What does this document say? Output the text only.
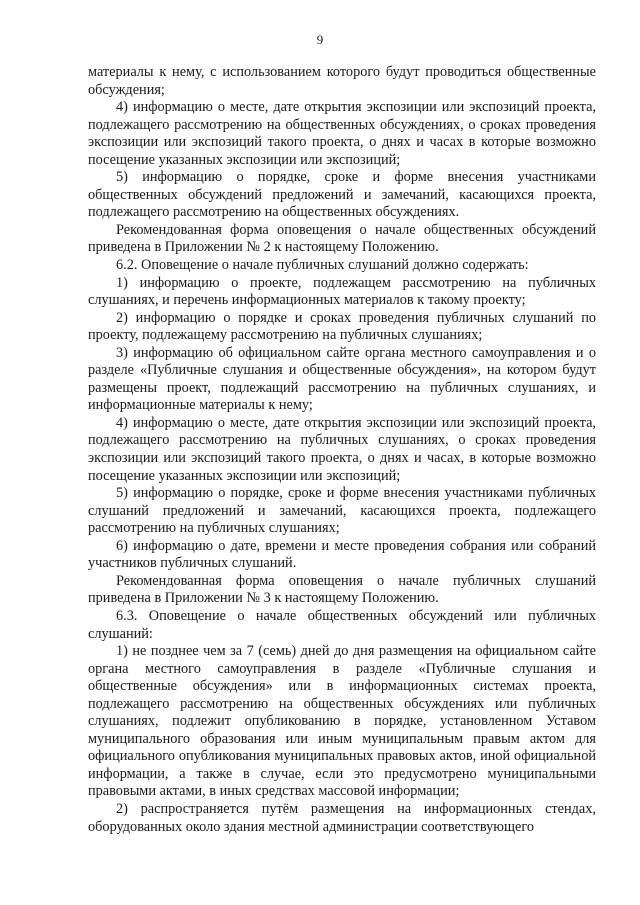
9

материалы к нему, с использованием которого будут проводиться общественные обсуждения;

4) информацию о месте, дате открытия экспозиции или экспозиций проекта, подлежащего рассмотрению на общественных обсуждениях, о сроках проведения экспозиции или экспозиций такого проекта, о днях и часах в которые возможно посещение указанных экспозиции или экспозиций;

5) информацию о порядке, сроке и форме внесения участниками общественных обсуждений предложений и замечаний, касающихся проекта, подлежащего рассмотрению на общественных обсуждениях.

Рекомендованная форма оповещения о начале общественных обсуждений приведена в Приложении № 2 к настоящему Положению.

6.2. Оповещение о начале публичных слушаний должно содержать:

1) информацию о проекте, подлежащем рассмотрению на публичных слушаниях, и перечень информационных материалов к такому проекту;

2) информацию о порядке и сроках проведения публичных слушаний по проекту, подлежащему рассмотрению на публичных слушаниях;

3) информацию об официальном сайте органа местного самоуправления и о разделе «Публичные слушания и общественные обсуждения», на котором будут размещены проект, подлежащий рассмотрению на публичных слушаниях, и информационные материалы к нему;

4) информацию о месте, дате открытия экспозиции или экспозиций проекта, подлежащего рассмотрению на публичных слушаниях, о сроках проведения экспозиции или экспозиций такого проекта, о днях и часах, в которые возможно посещение указанных экспозиции или экспозиций;

5) информацию о порядке, сроке и форме внесения участниками публичных слушаний предложений и замечаний, касающихся проекта, подлежащего рассмотрению на публичных слушаниях;

6) информацию о дате, времени и месте проведения собрания или собраний участников публичных слушаний.

Рекомендованная форма оповещения о начале публичных слушаний приведена в Приложении № 3 к настоящему Положению.

6.3. Оповещение о начале общественных обсуждений или публичных слушаний:

1) не позднее чем за 7 (семь) дней до дня размещения на официальном сайте органа местного самоуправления в разделе «Публичные слушания и общественные обсуждения» или в информационных системах проекта, подлежащего рассмотрению на общественных обсуждениях или публичных слушаниях, подлежит опубликованию в порядке, установленном Уставом муниципального образования или иным муниципальным правым актом для официального опубликования муниципальных правовых актов, иной официальной информации, а также в случае, если это предусмотрено муниципальными правовыми актами, в иных средствах массовой информации;

2) распространяется путём размещения на информационных стендах, оборудованных около здания местной администрации соответствующего
